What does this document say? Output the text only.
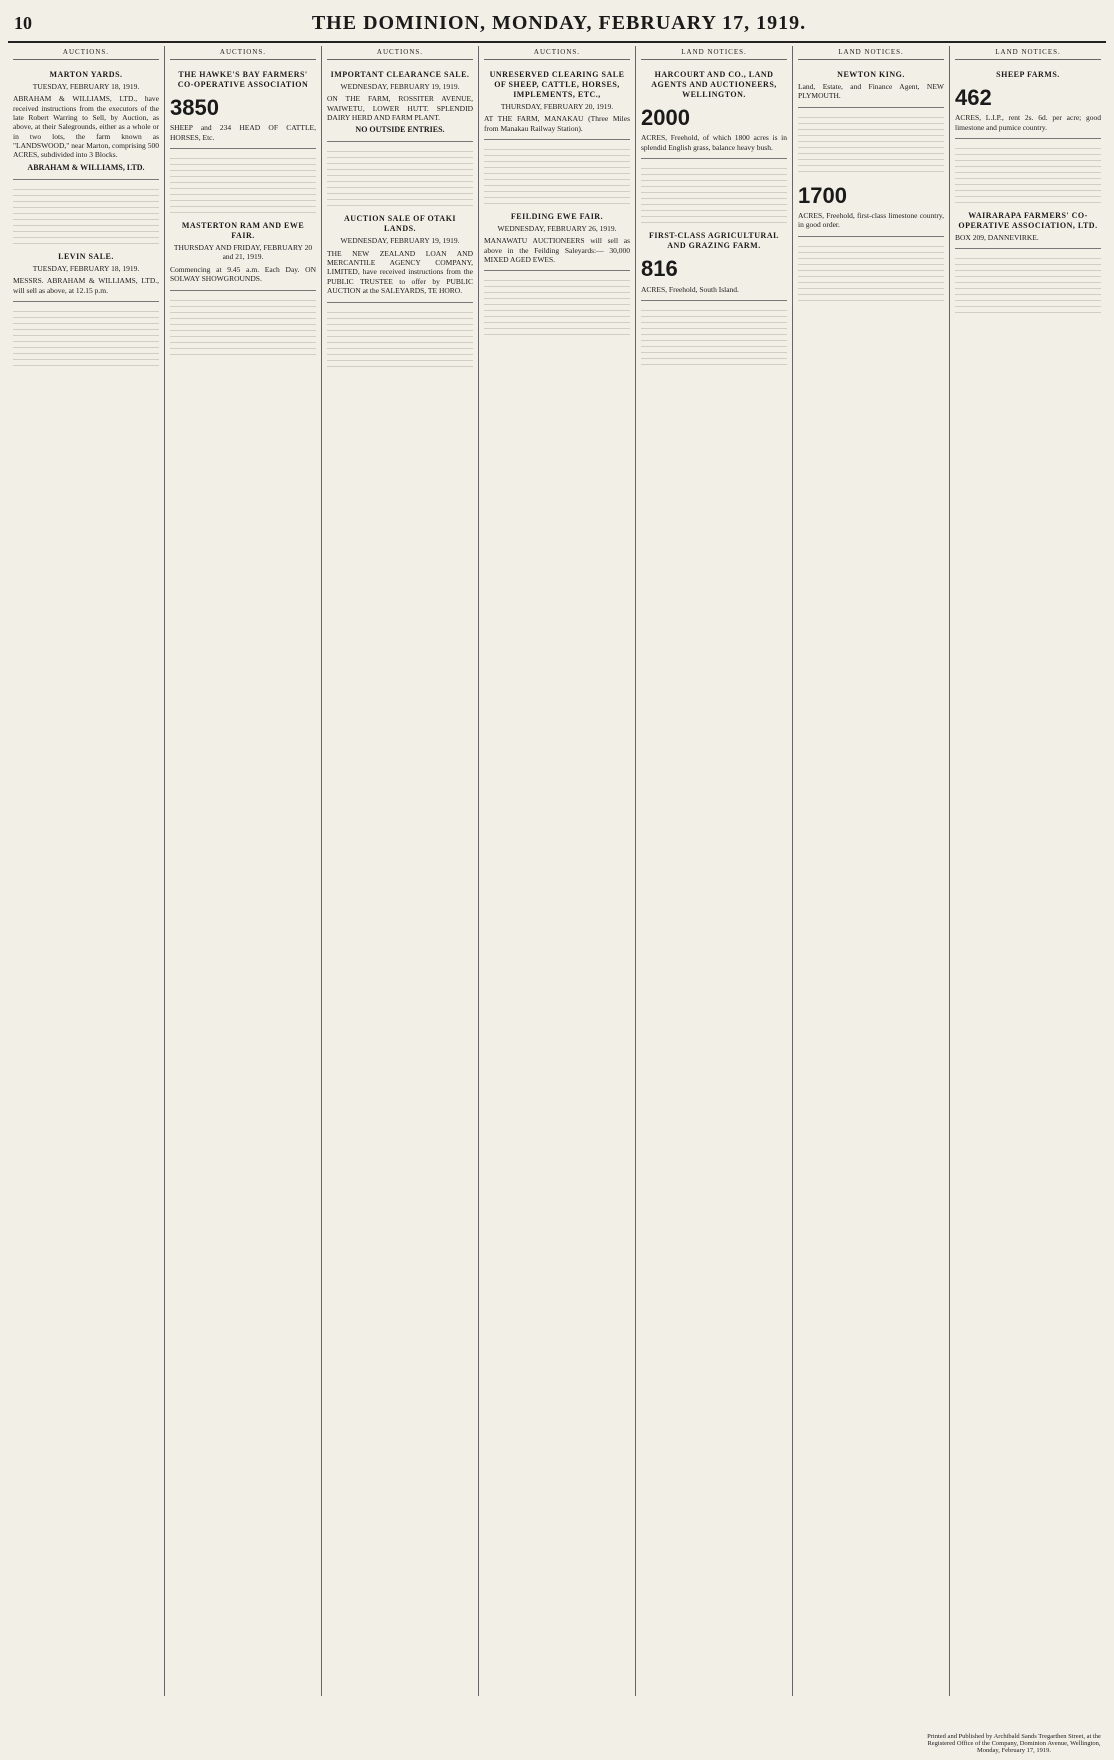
10	THE DOMINION, MONDAY, FEBRUARY 17, 1919.
AUCTIONS.
MARTON YARDS.
TUESDAY, FEBRUARY 18, 1919.
ABRAHAM & WILLIAMS, LTD., have received instructions from the executors of the late Robert Warring to Sell, by Auction, as above, at their Salegrounds, either as a whole or in two lots, the farm known as "LANDSWOOD," near Marton, comprising 500 ACRES, subdivided into 3 Blocks.
ABRAHAM & WILLIAMS, LTD.
LEVIN SALE.
TUESDAY, FEBRUARY 18, 1919.
MESSRS. ABRAHAM & WILLIAMS, LTD., will sell as above, at 12.15 p.m.
AUCTIONS.
THE HAWKE'S BAY FARMERS' CO-OPERATIVE ASSOCIATION
3850
SHEEP and 234 HEAD OF CATTLE, HORSES, Etc.
MASTERTON RAM AND EWE FAIR.
THURSDAY AND FRIDAY, FEBRUARY 20 and 21, 1919.
Commencing at 9.45 a.m. Each Day. ON SOLWAY SHOWGROUNDS.
AUCTIONS.
IMPORTANT CLEARANCE SALE.
WEDNESDAY, FEBRUARY 19, 1919.
ON THE FARM, ROSSITER AVENUE, WAIWETU, LOWER HUTT. SPLENDID DAIRY HERD AND FARM PLANT.
NO OUTSIDE ENTRIES.
AUCTION SALE OF OTAKI LANDS.
WEDNESDAY, FEBRUARY 19, 1919.
THE NEW ZEALAND LOAN AND MERCANTILE AGENCY COMPANY, LIMITED, have received instructions from the PUBLIC TRUSTEE to offer by PUBLIC AUCTION at the SALEYARDS, TE HORO.
AUCTIONS.
UNRESERVED CLEARING SALE OF SHEEP, CATTLE, HORSES, IMPLEMENTS, ETC.,
THURSDAY, FEBRUARY 20, 1919.
AT THE FARM, MANAKAU (Three Miles from Manakau Railway Station).
FEILDING EWE FAIR.
WEDNESDAY, FEBRUARY 26, 1919.
MANAWATU AUCTIONEERS will sell as above in the Feilding Saleyards:— 30,000 MIXED AGED EWES.
LAND NOTICES.
HARCOURT AND CO., LAND AGENTS AND AUCTIONEERS, WELLINGTON.
2000
ACRES, Freehold, of which 1800 acres is in splendid English grass, balance heavy bush.
FIRST-CLASS AGRICULTURAL AND GRAZING FARM.
816
ACRES, Freehold, South Island.
LAND NOTICES.
NEWTON KING.
Land, Estate, and Finance Agent, NEW PLYMOUTH.
1700
ACRES, Freehold, first-class limestone country, in good order.
LAND NOTICES.
SHEEP FARMS.
462
ACRES, L.I.P., rent 2s. 6d. per acre; good limestone and pumice country.
WAIRARAPA FARMERS' CO-OPERATIVE ASSOCIATION, LTD.
BOX 209, DANNEVIRKE.
Printed and Published by Archibald Sands Tregarthen Street, at the Registered Office of the Company, Dominion Avenue, Wellington, Monday, February 17, 1919.
